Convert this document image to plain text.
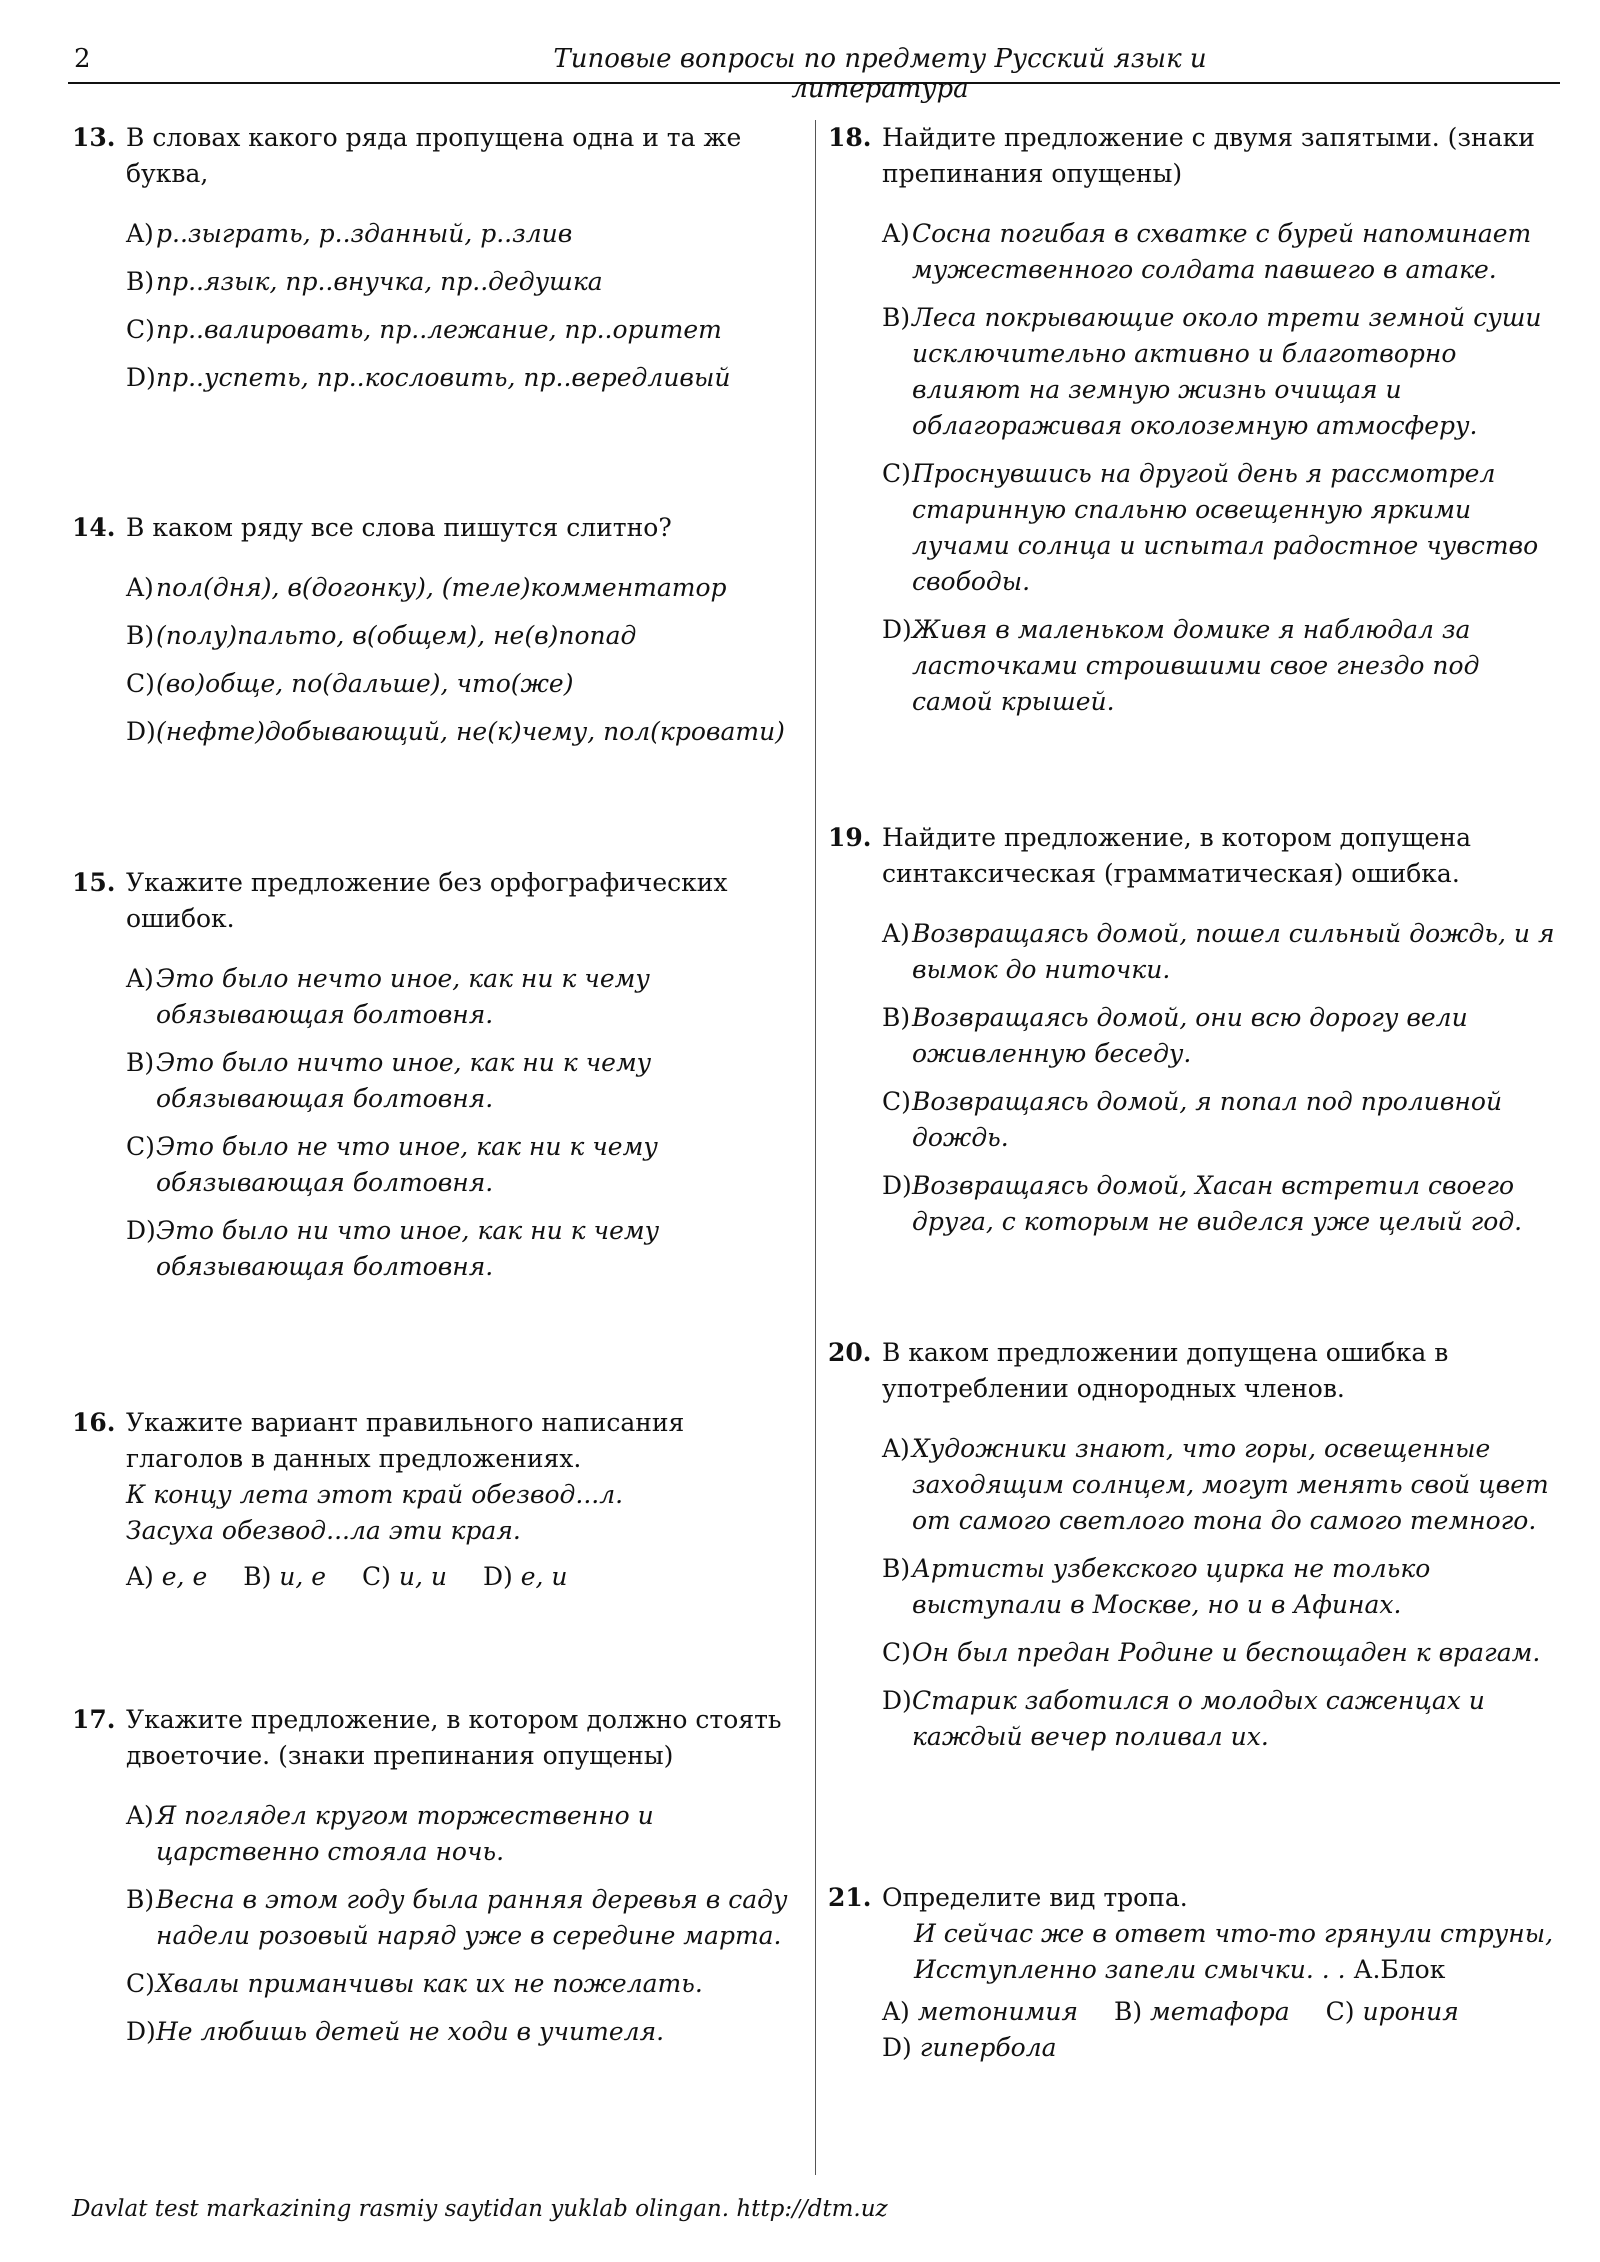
2	Типовые вопросы по предмету Русский язык и литература
13. В словах какого ряда пропущена одна и та же буква,
A) р..зыграть, р..зданный, р..злив
B) пр..язык, пр..внучка, пр..дедушка
C) пр..валировать, пр..лежание, пр..оритет
D) пр..успеть, пр..кословить, пр..вередливый
14. В каком ряду все слова пишутся слитно?
A) пол(дня), в(догонку), (теле)комментатор
B) (полу)пальто, в(общем), не(в)попад
C) (во)обще, по(дальше), что(же)
D) (нефте)добывающий, не(к)чему, пол(кровати)
15. Укажите предложение без орфографических ошибок.
A) Это было нечто иное, как ни к чему обязывающая болтовня.
B) Это было ничто иное, как ни к чему обязывающая болтовня.
C) Это было не что иное, как ни к чему обязывающая болтовня.
D) Это было ни что иное, как ни к чему обязывающая болтовня.
16. Укажите вариант правильного написания глаголов в данных предложениях.
К концу лета этот край обезвод...л.
Засуха обезвод...ла эти края.
A) е, е B) и, е C) и, и D) е, и
17. Укажите предложение, в котором должно стоять двоеточие. (знаки препинания опущены)
A) Я поглядел кругом торжественно и царственно стояла ночь.
B) Весна в этом году была ранняя деревья в саду надели розовый наряд уже в середине марта.
C) Хвалы приманчивы как их не пожелать.
D) Не любишь детей не ходи в учителя.
18. Найдите предложение с двумя запятыми. (знаки препинания опущены)
A) Сосна погибая в схватке с бурей напоминает мужественного солдата павшего в атаке.
B) Леса покрывающие около трети земной суши исключительно активно и благотворно влияют на земную жизнь очищая и облагораживая околоземную атмосферу.
C) Проснувшись на другой день я рассмотрел старинную спальню освещенную яркими лучами солнца и испытал радостное чувство свободы.
D) Живя в маленьком домике я наблюдал за ласточками строившими свое гнездо под самой крышей.
19. Найдите предложение, в котором допущена синтаксическая (грамматическая) ошибка.
A) Возвращаясь домой, пошел сильный дождь, и я вымок до ниточки.
B) Возвращаясь домой, они всю дорогу вели оживленную беседу.
C) Возвращаясь домой, я попал под проливной дождь.
D) Возвращаясь домой, Хасан встретил своего друга, с которым не виделся уже целый год.
20. В каком предложении допущена ошибка в употреблении однородных членов.
A) Художники знают, что горы, освещенные заходящим солнцем, могут менять свой цвет от самого светлого тона до самого темного.
B) Артисты узбекского цирка не только выступали в Москве, но и в Афинах.
C) Он был предан Родине и беспощаден к врагам.
D) Старик заботился о молодых саженцах и каждый вечер поливал их.
21. Определите вид тропа.
И сейчас же в ответ что-то грянули струны,
Исступленно запели смычки. . . А.Блок
A) метонимия B) метафора C) ирония
D) гипербола
Davlat test markazining rasmiy saytidan yuklab olingan. http://dtm.uz
